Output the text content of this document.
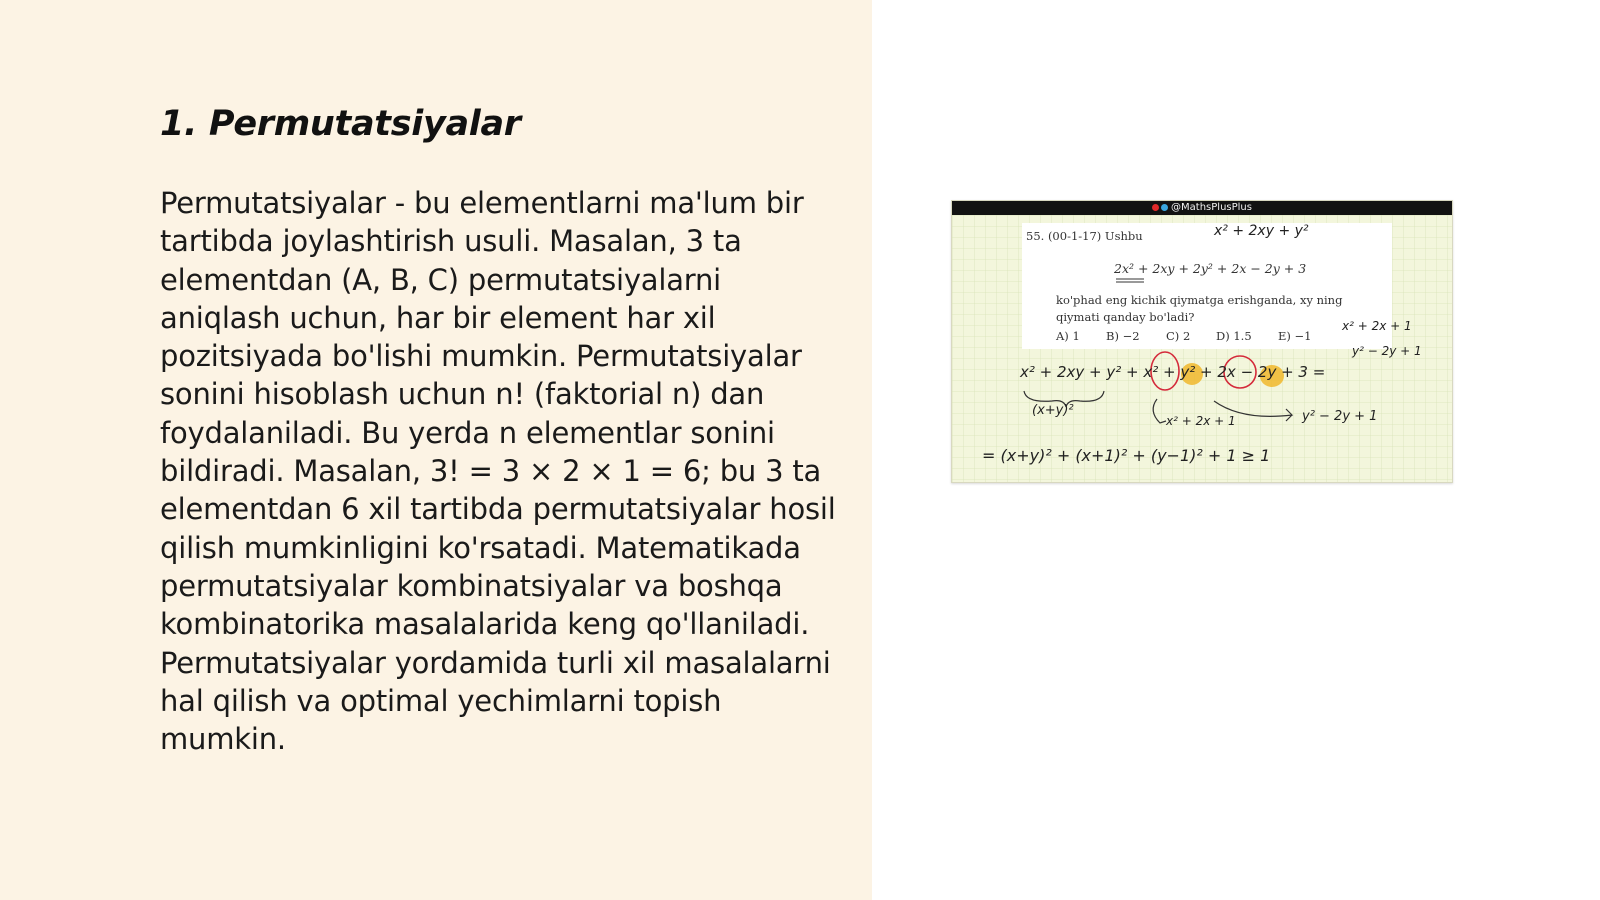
1. Permutatsiyalar

Permutatsiyalar - bu elementlarni ma'lum bir tartibda joylashtirish usuli. Masalan, 3 ta elementdan (A, B, C) permutatsiyalarni aniqlash uchun, har bir element har xil pozitsiyada bo'lishi mumkin. Permutatsiyalar sonini hisoblash uchun n! (faktorial n) dan foydalaniladi. Bu yerda n elementlar sonini bildiradi. Masalan, 3! = 3 × 2 × 1 = 6; bu 3 ta elementdan 6 xil tartibda permutatsiyalar hosil qilish mumkinligini ko'rsatadi. Matematikada permutatsiyalar kombinatsiyalar va boshqa kombinatorika masalalarida keng qo'llaniladi. Permutatsiyalar yordamida turli xil masalalarni hal qilish va optimal yechimlarni topish mumkin.

@MathsPlusPlus
55. (00-1-17) Ushbu
2x² + 2xy + 2y² + 2x − 2y + 3
ko'phad eng kichik qiymatga erishganda, xy ning
qiymati qanday bo'ladi?
A) 1 B) −2 C) 2 D) 1.5 E) −1
x² + 2xy + y²
x² + 2x + 1
y² − 2y + 1
x² + 2xy + y² + x² + y² + 2x − 2y + 3 =
(x+y)²
x² + 2x + 1	y² − 2y + 1
= (x+y)² + (x+1)² + (y−1)² + 1 ≥ 1
